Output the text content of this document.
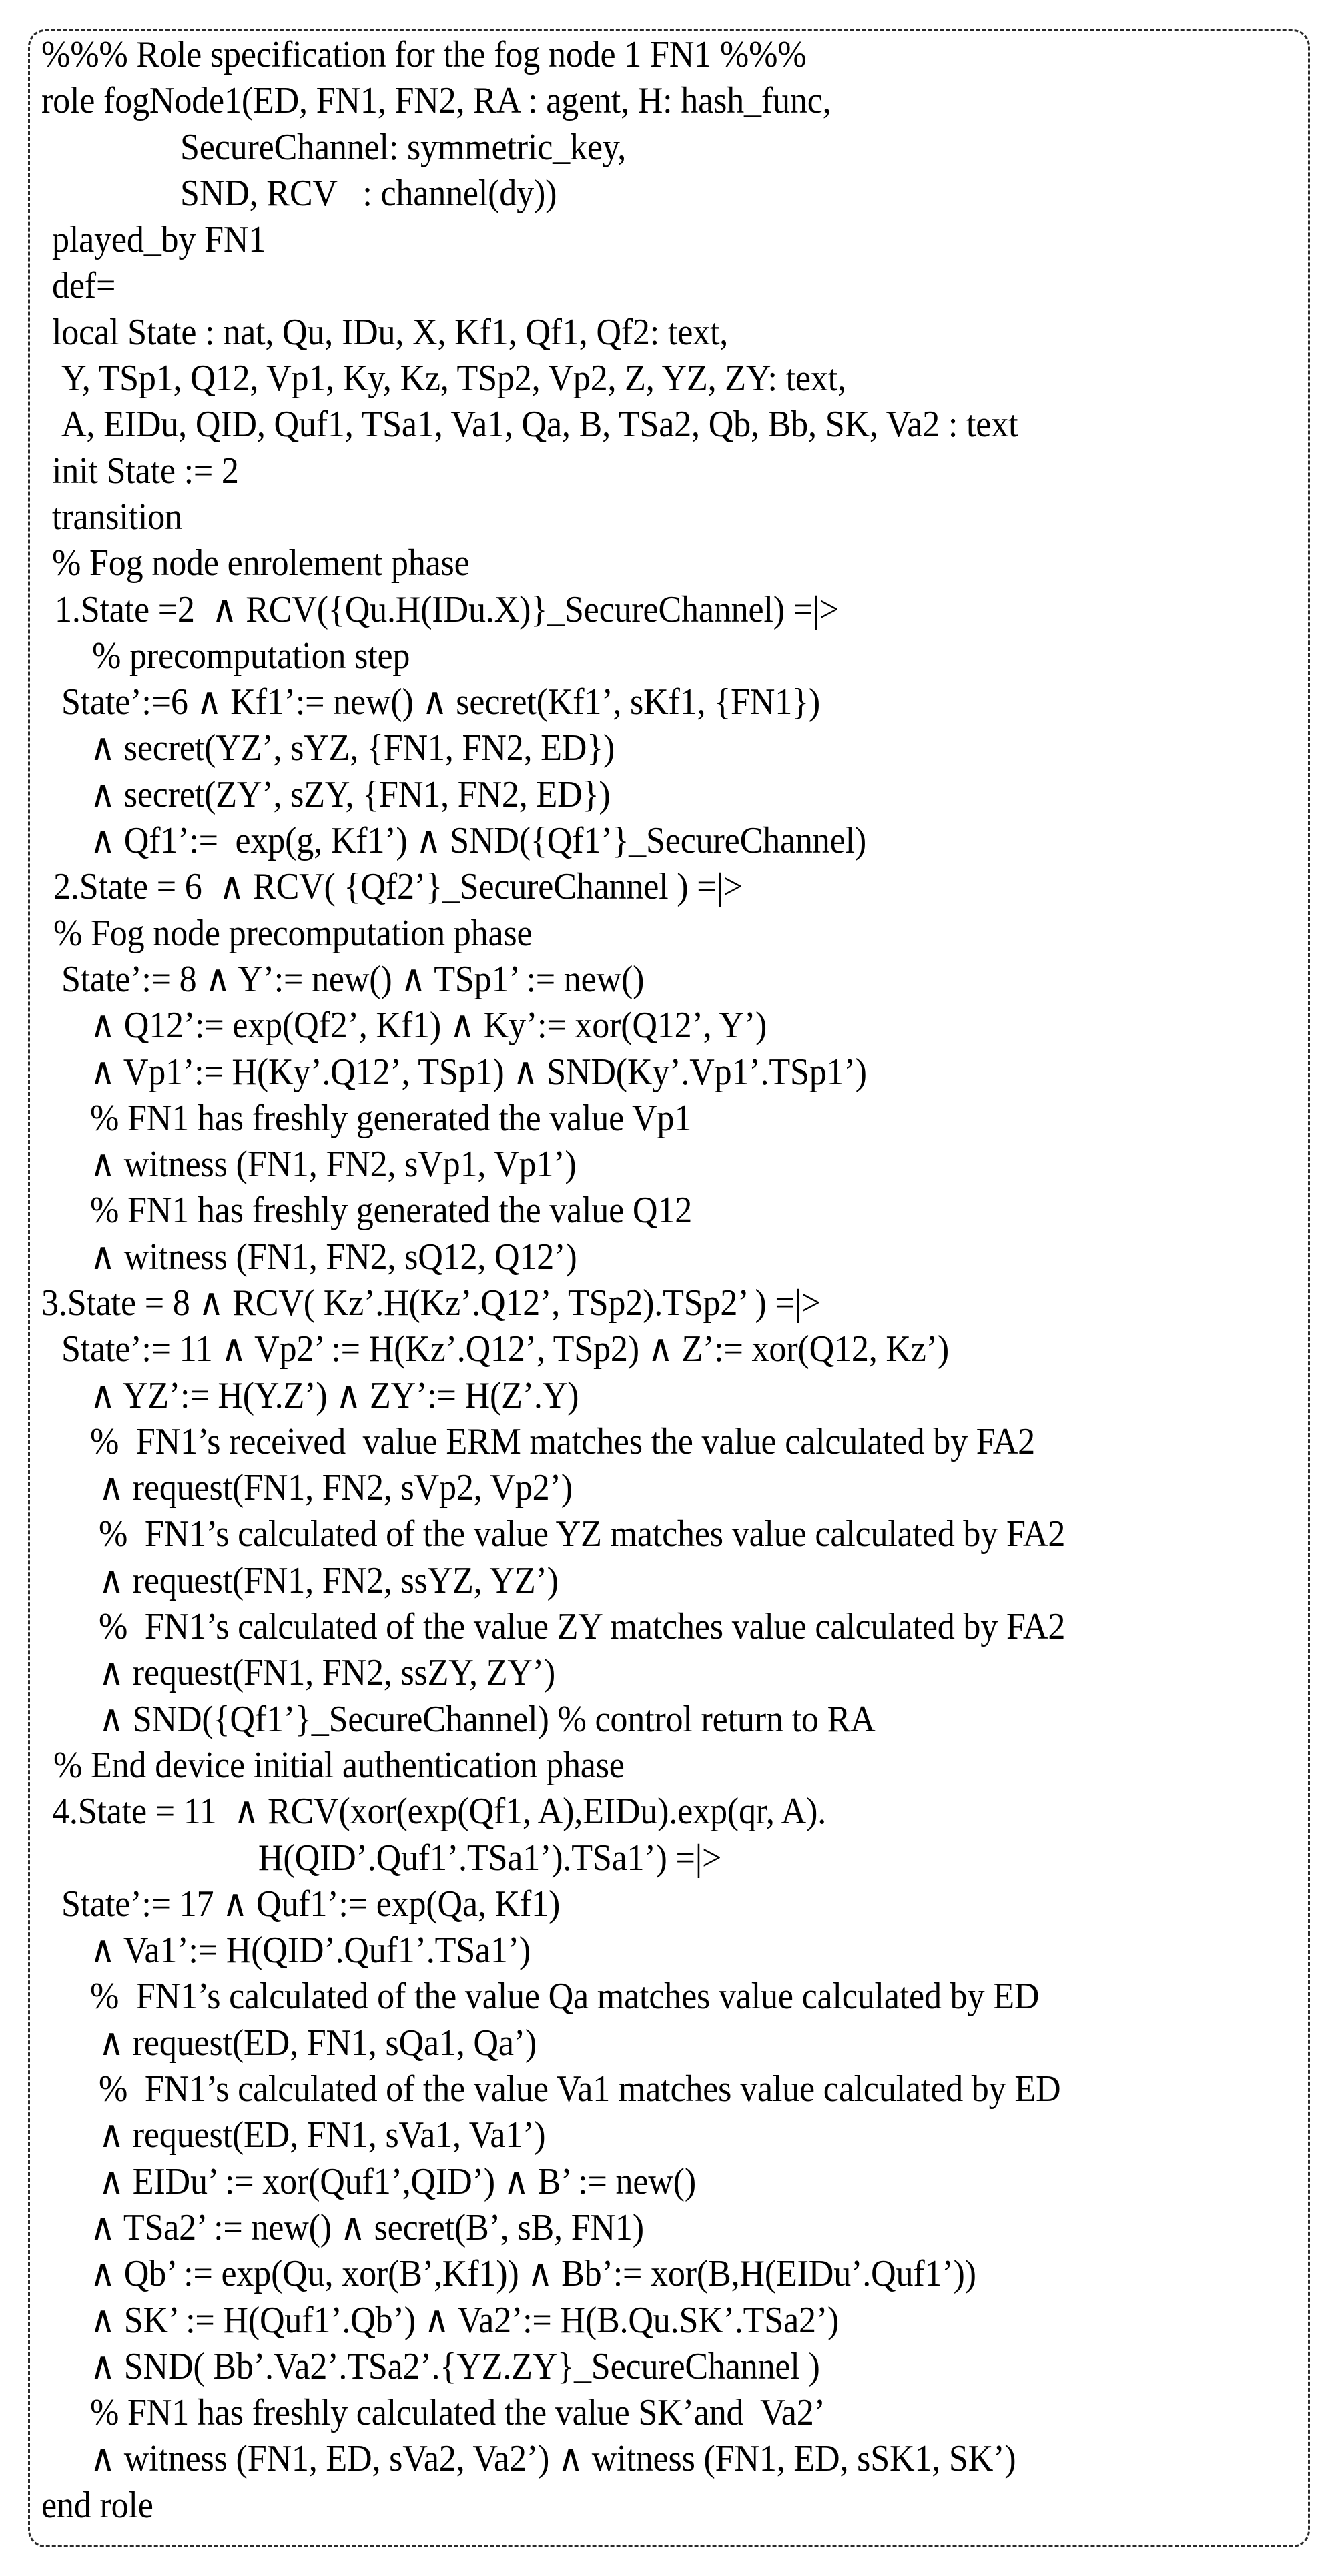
%%% Role specification for the fog node 1 FN1 %%%
role fogNode1(ED, FN1, FN2, RA : agent, H: hash_func,
SecureChannel: symmetric_key,
SND, RCV   : channel(dy))
played_by FN1
def=
local State : nat, Qu, IDu, X, Kf1, Qf1, Qf2: text,
Y, TSp1, Q12, Vp1, Ky, Kz, TSp2, Vp2, Z, YZ, ZY: text,
A, EIDu, QID, Quf1, TSa1, Va1, Qa, B, TSa2, Qb, Bb, SK, Va2 : text
init State := 2
transition
% Fog node enrolement phase
1.State =2  ∧ RCV({Qu.H(IDu.X)}_SecureChannel) =|>
% precomputation step
State’:=6 ∧ Kf1’:= new() ∧ secret(Kf1’, sKf1, {FN1})
∧ secret(YZ’, sYZ, {FN1, FN2, ED})
∧ secret(ZY’, sZY, {FN1, FN2, ED})
∧ Qf1’:=  exp(g, Kf1’) ∧ SND({Qf1’}_SecureChannel)
2.State = 6  ∧ RCV( {Qf2’}_SecureChannel ) =|>
% Fog node precomputation phase
State’:= 8 ∧ Y’:= new() ∧ TSp1’ := new()
∧ Q12’:= exp(Qf2’, Kf1) ∧ Ky’:= xor(Q12’, Y’)
∧ Vp1’:= H(Ky’.Q12’, TSp1) ∧ SND(Ky’.Vp1’.TSp1’)
% FN1 has freshly generated the value Vp1
∧ witness (FN1, FN2, sVp1, Vp1’)
% FN1 has freshly generated the value Q12
∧ witness (FN1, FN2, sQ12, Q12’)
3.State = 8 ∧ RCV( Kz’.H(Kz’.Q12’, TSp2).TSp2’ ) =|>
State’:= 11 ∧ Vp2’ := H(Kz’.Q12’, TSp2) ∧ Z’:= xor(Q12, Kz’)
∧ YZ’:= H(Y.Z’) ∧ ZY’:= H(Z’.Y)
%  FN1’s received  value ERM matches the value calculated by FA2
∧ request(FN1, FN2, sVp2, Vp2’)
%  FN1’s calculated of the value YZ matches value calculated by FA2
∧ request(FN1, FN2, ssYZ, YZ’)
%  FN1’s calculated of the value ZY matches value calculated by FA2
∧ request(FN1, FN2, ssZY, ZY’)
∧ SND({Qf1’}_SecureChannel) % control return to RA
% End device initial authentication phase
4.State = 11  ∧ RCV(xor(exp(Qf1, A),EIDu).exp(qr, A).
H(QID’.Quf1’.TSa1’).TSa1’) =|>
State’:= 17 ∧ Quf1’:= exp(Qa, Kf1)
∧ Va1’:= H(QID’.Quf1’.TSa1’)
%  FN1’s calculated of the value Qa matches value calculated by ED
∧ request(ED, FN1, sQa1, Qa’)
%  FN1’s calculated of the value Va1 matches value calculated by ED
∧ request(ED, FN1, sVa1, Va1’)
∧ EIDu’ := xor(Quf1’,QID’) ∧ B’ := new()
∧ TSa2’ := new() ∧ secret(B’, sB, FN1)
∧ Qb’ := exp(Qu, xor(B’,Kf1)) ∧ Bb’:= xor(B,H(EIDu’.Quf1’))
∧ SK’ := H(Quf1’.Qb’) ∧ Va2’:= H(B.Qu.SK’.TSa2’)
∧ SND( Bb’.Va2’.TSa2’.{YZ.ZY}_SecureChannel )
% FN1 has freshly calculated the value SK’and  Va2’
∧ witness (FN1, ED, sVa2, Va2’) ∧ witness (FN1, ED, sSK1, SK’)
end role
